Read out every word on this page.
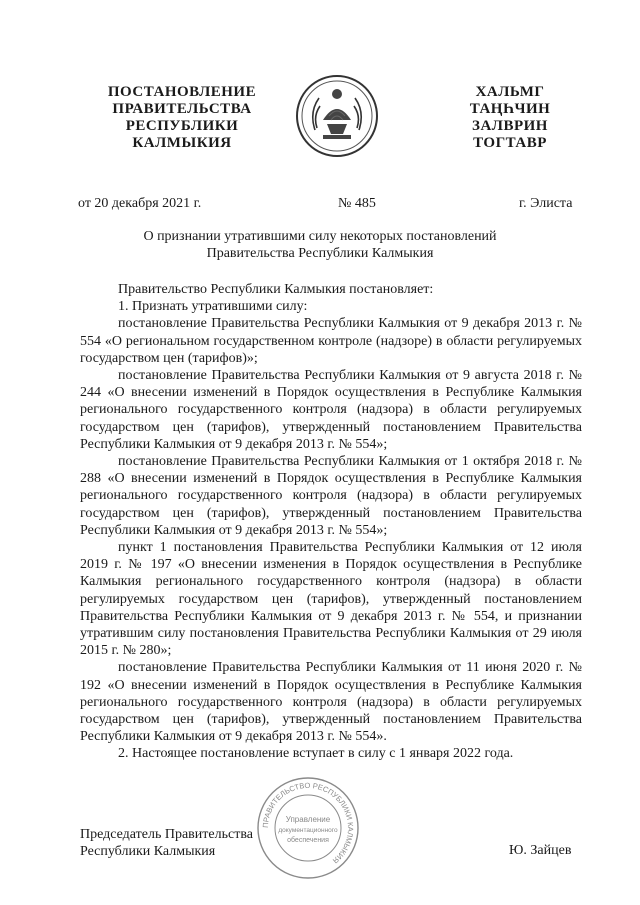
ПОСТАНОВЛЕНИЕ
ПРАВИТЕЛЬСТВА
РЕСПУБЛИКИ
КАЛМЫКИЯ
ХАЛЬМГ
ТАҢҺЧИН
ЗАЛВРИН
ТОГТАВР
от 20 декабря 2021 г.	№ 485	г. Элиста
О признании утратившими силу некоторых постановлений
Правительства Республики Калмыкия

Правительство Республики Калмыкия постановляет:

1. Признать утратившими силу:

постановление Правительства Республики Калмыкия от 9 декабря 2013 г. № 554 «О региональном государственном контроле (надзоре) в области регулируемых государством цен (тарифов)»;

постановление Правительства Республики Калмыкия от 9 августа 2018 г. № 244 «О внесении изменений в Порядок осуществления в Республике Калмыкия регионального государственного контроля (надзора) в области регулируемых государством цен (тарифов), утвержденный постановлением Правительства Республики Калмыкия от 9 декабря 2013 г. № 554»;

постановление Правительства Республики Калмыкия от 1 октября 2018 г. № 288 «О внесении изменений в Порядок осуществления в Республике Калмыкия регионального государственного контроля (надзора) в области регулируемых государством цен (тарифов), утвержденный постановлением Правительства Республики Калмыкия от 9 декабря 2013 г. № 554»;

пункт 1 постановления Правительства Республики Калмыкия от 12 июля 2019 г. № 197 «О внесении изменения в Порядок осуществления в Республике Калмыкия регионального государственного контроля (надзора) в области регулируемых государством цен (тарифов), утвержденный постановлением Правительства Республики Калмыкия от 9 декабря 2013 г. № 554, и признании утратившим силу постановления Правительства Республики Калмыкия от 29 июля 2015 г. № 280»;

постановление Правительства Республики Калмыкия от 11 июня 2020 г. № 192 «О внесении изменений в Порядок осуществления в Республике Калмыкия регионального государственного контроля (надзора) в области регулируемых государством цен (тарифов), утвержденный постановлением Правительства Республики Калмыкия от 9 декабря 2013 г. № 554».

2. Настоящее постановление вступает в силу с 1 января 2022 года.

ПРАВИТЕЛЬСТВО РЕСПУБЛИКИ КАЛМЫКИЯ
Управление
документационного
обеспечения
Председатель Правительства
Республики Калмыкия	Ю. Зайцев
